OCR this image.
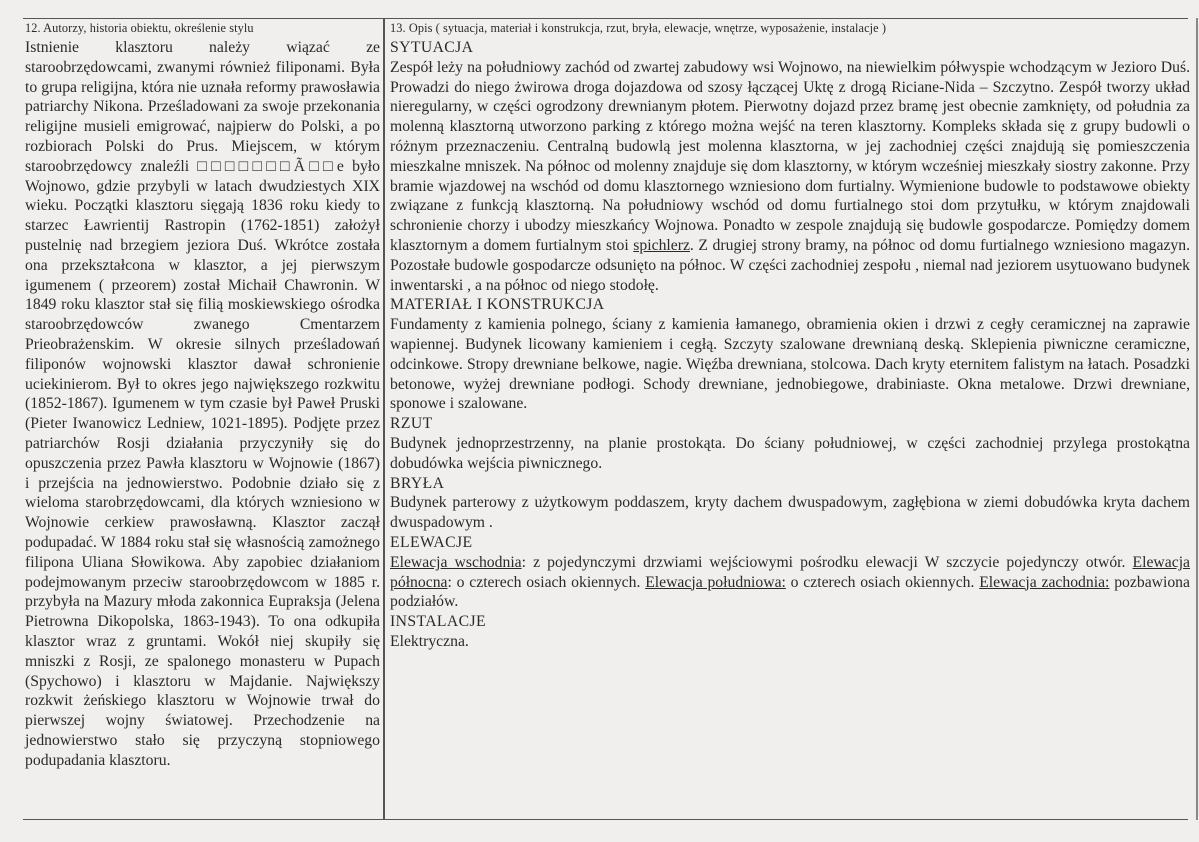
12. Autorzy, historia obiektu, określenie stylu

Istnienie klasztoru należy wiązać ze staroobrzędowcami, zwanymi również filiponami. Była to grupa religijna, która nie uznała reformy prawosławia patriarchy Nikona. Prześladowani za swoje przekonania religijne musieli emigrować, najpierw do Polski, a po rozbiorach Polski do Prus. Miejscem, w którym staroobrzędowcy znaleźli □□□□□□□Ã□□e było Wojnowo, gdzie przybyli w latach dwudziestych XIX wieku. Początki klasztoru sięgają 1836 roku kiedy to starzec Ławrientij Rastropin (1762-1851) założył pustelnię nad brzegiem jeziora Duś. Wkrótce została ona przekształcona w klasztor, a jej pierwszym igumenem ( przeorem) został Michaił Chawronin. W 1849 roku klasztor stał się filią moskiewskiego ośrodka staroobrzędowców zwanego Cmentarzem Prieobrażenskim. W okresie silnych prześladowań filiponów wojnowski klasztor dawał schronienie uciekinierom. Był to okres jego największego rozkwitu (1852-1867). Igumenem w tym czasie był Paweł Pruski (Pieter Iwanowicz Ledniew, 1021-1895). Podjęte przez patriarchów Rosji działania przyczyniły się do opuszczenia przez Pawła klasztoru w Wojnowie (1867) i przejścia na jednowierstwo. Podobnie działo się z wieloma starobrzędowcami, dla których wzniesiono w Wojnowie cerkiew prawosławną. Klasztor zaczął podupadać. W 1884 roku stał się własnością zamożnego filipona Uliana Słowikowa. Aby zapobiec działaniom podejmowanym przeciw staroobrzędowcom w 1885 r. przybyła na Mazury młoda zakonnica Eupraksja (Jelena Pietrowna Dikopolska, 1863-1943). To ona odkupiła klasztor wraz z gruntami. Wokół niej skupiły się mniszki z Rosji, ze spalonego monasteru w Pupach (Spychowo) i klasztoru w Majdanie. Największy rozkwit żeńskiego klasztoru w Wojnowie trwał do pierwszej wojny światowej. Przechodzenie na jednowierstwo stało się przyczyną stopniowego podupadania klasztoru.

13. Opis ( sytuacja, materiał i konstrukcja, rzut, bryła, elewacje, wnętrze, wyposażenie, instalacje )
SYTUACJA

Zespół leży na południowy zachód od zwartej zabudowy wsi Wojnowo, na niewielkim półwyspie wchodzącym w Jezioro Duś. Prowadzi do niego żwirowa droga dojazdowa od szosy łączącej Uktę z drogą Riciane-Nida – Szczytno. Zespół tworzy układ nieregularny, w części ogrodzony drewnianym płotem. Pierwotny dojazd przez bramę jest obecnie zamknięty, od południa za molenną klasztorną utworzono parking z którego można wejść na teren klasztorny. Kompleks składa się z grupy budowli o różnym przeznaczeniu. Centralną budowlą jest molenna klasztorna, w jej zachodniej części znajdują się pomieszczenia mieszkalne mniszek. Na północ od molenny znajduje się dom klasztorny, w którym wcześniej mieszkały siostry zakonne. Przy bramie wjazdowej na wschód od domu klasztornego wzniesiono dom furtialny. Wymienione budowle to podstawowe obiekty związane z funkcją klasztorną. Na południowy wschód od domu furtialnego stoi dom przytułku, w którym znajdowali schronienie chorzy i ubodzy mieszkańcy Wojnowa. Ponadto w zespole znajdują się budowle gospodarcze. Pomiędzy domem klasztornym a domem furtialnym stoi spichlerz. Z drugiej strony bramy, na północ od domu furtialnego wzniesiono magazyn. Pozostałe budowle gospodarcze odsunięto na północ. W części zachodniej zespołu , niemal nad jeziorem usytuowano budynek inwentarski , a na północ od niego stodołę.

MATERIAŁ I KONSTRUKCJA

Fundamenty z kamienia polnego, ściany z kamienia łamanego, obramienia okien i drzwi z cegły ceramicznej na zaprawie wapiennej. Budynek licowany kamieniem i cegłą. Szczyty szalowane drewnianą deską. Sklepienia piwniczne ceramiczne, odcinkowe. Stropy drewniane belkowe, nagie. Więźba drewniana, stolcowa. Dach kryty eternitem falistym na łatach. Posadzki betonowe, wyżej drewniane podłogi. Schody drewniane, jednobiegowe, drabiniaste. Okna metalowe. Drzwi drewniane, sponowe i szalowane.

RZUT

Budynek jednoprzestrzenny, na planie prostokąta. Do ściany południowej, w części zachodniej przylega prostokątna dobudówka wejścia piwnicznego.

BRYŁA

Budynek parterowy z użytkowym poddaszem, kryty dachem dwuspadowym, zagłębiona w ziemi dobudówka kryta dachem dwuspadowym .

ELEWACJE

Elewacja wschodnia: z pojedynczymi drzwiami wejściowymi pośrodku elewacji W szczycie pojedynczy otwór. Elewacja północna: o czterech osiach okiennych. Elewacja południowa: o czterech osiach okiennych. Elewacja zachodnia: pozbawiona podziałów.

INSTALACJE

Elektryczna.
